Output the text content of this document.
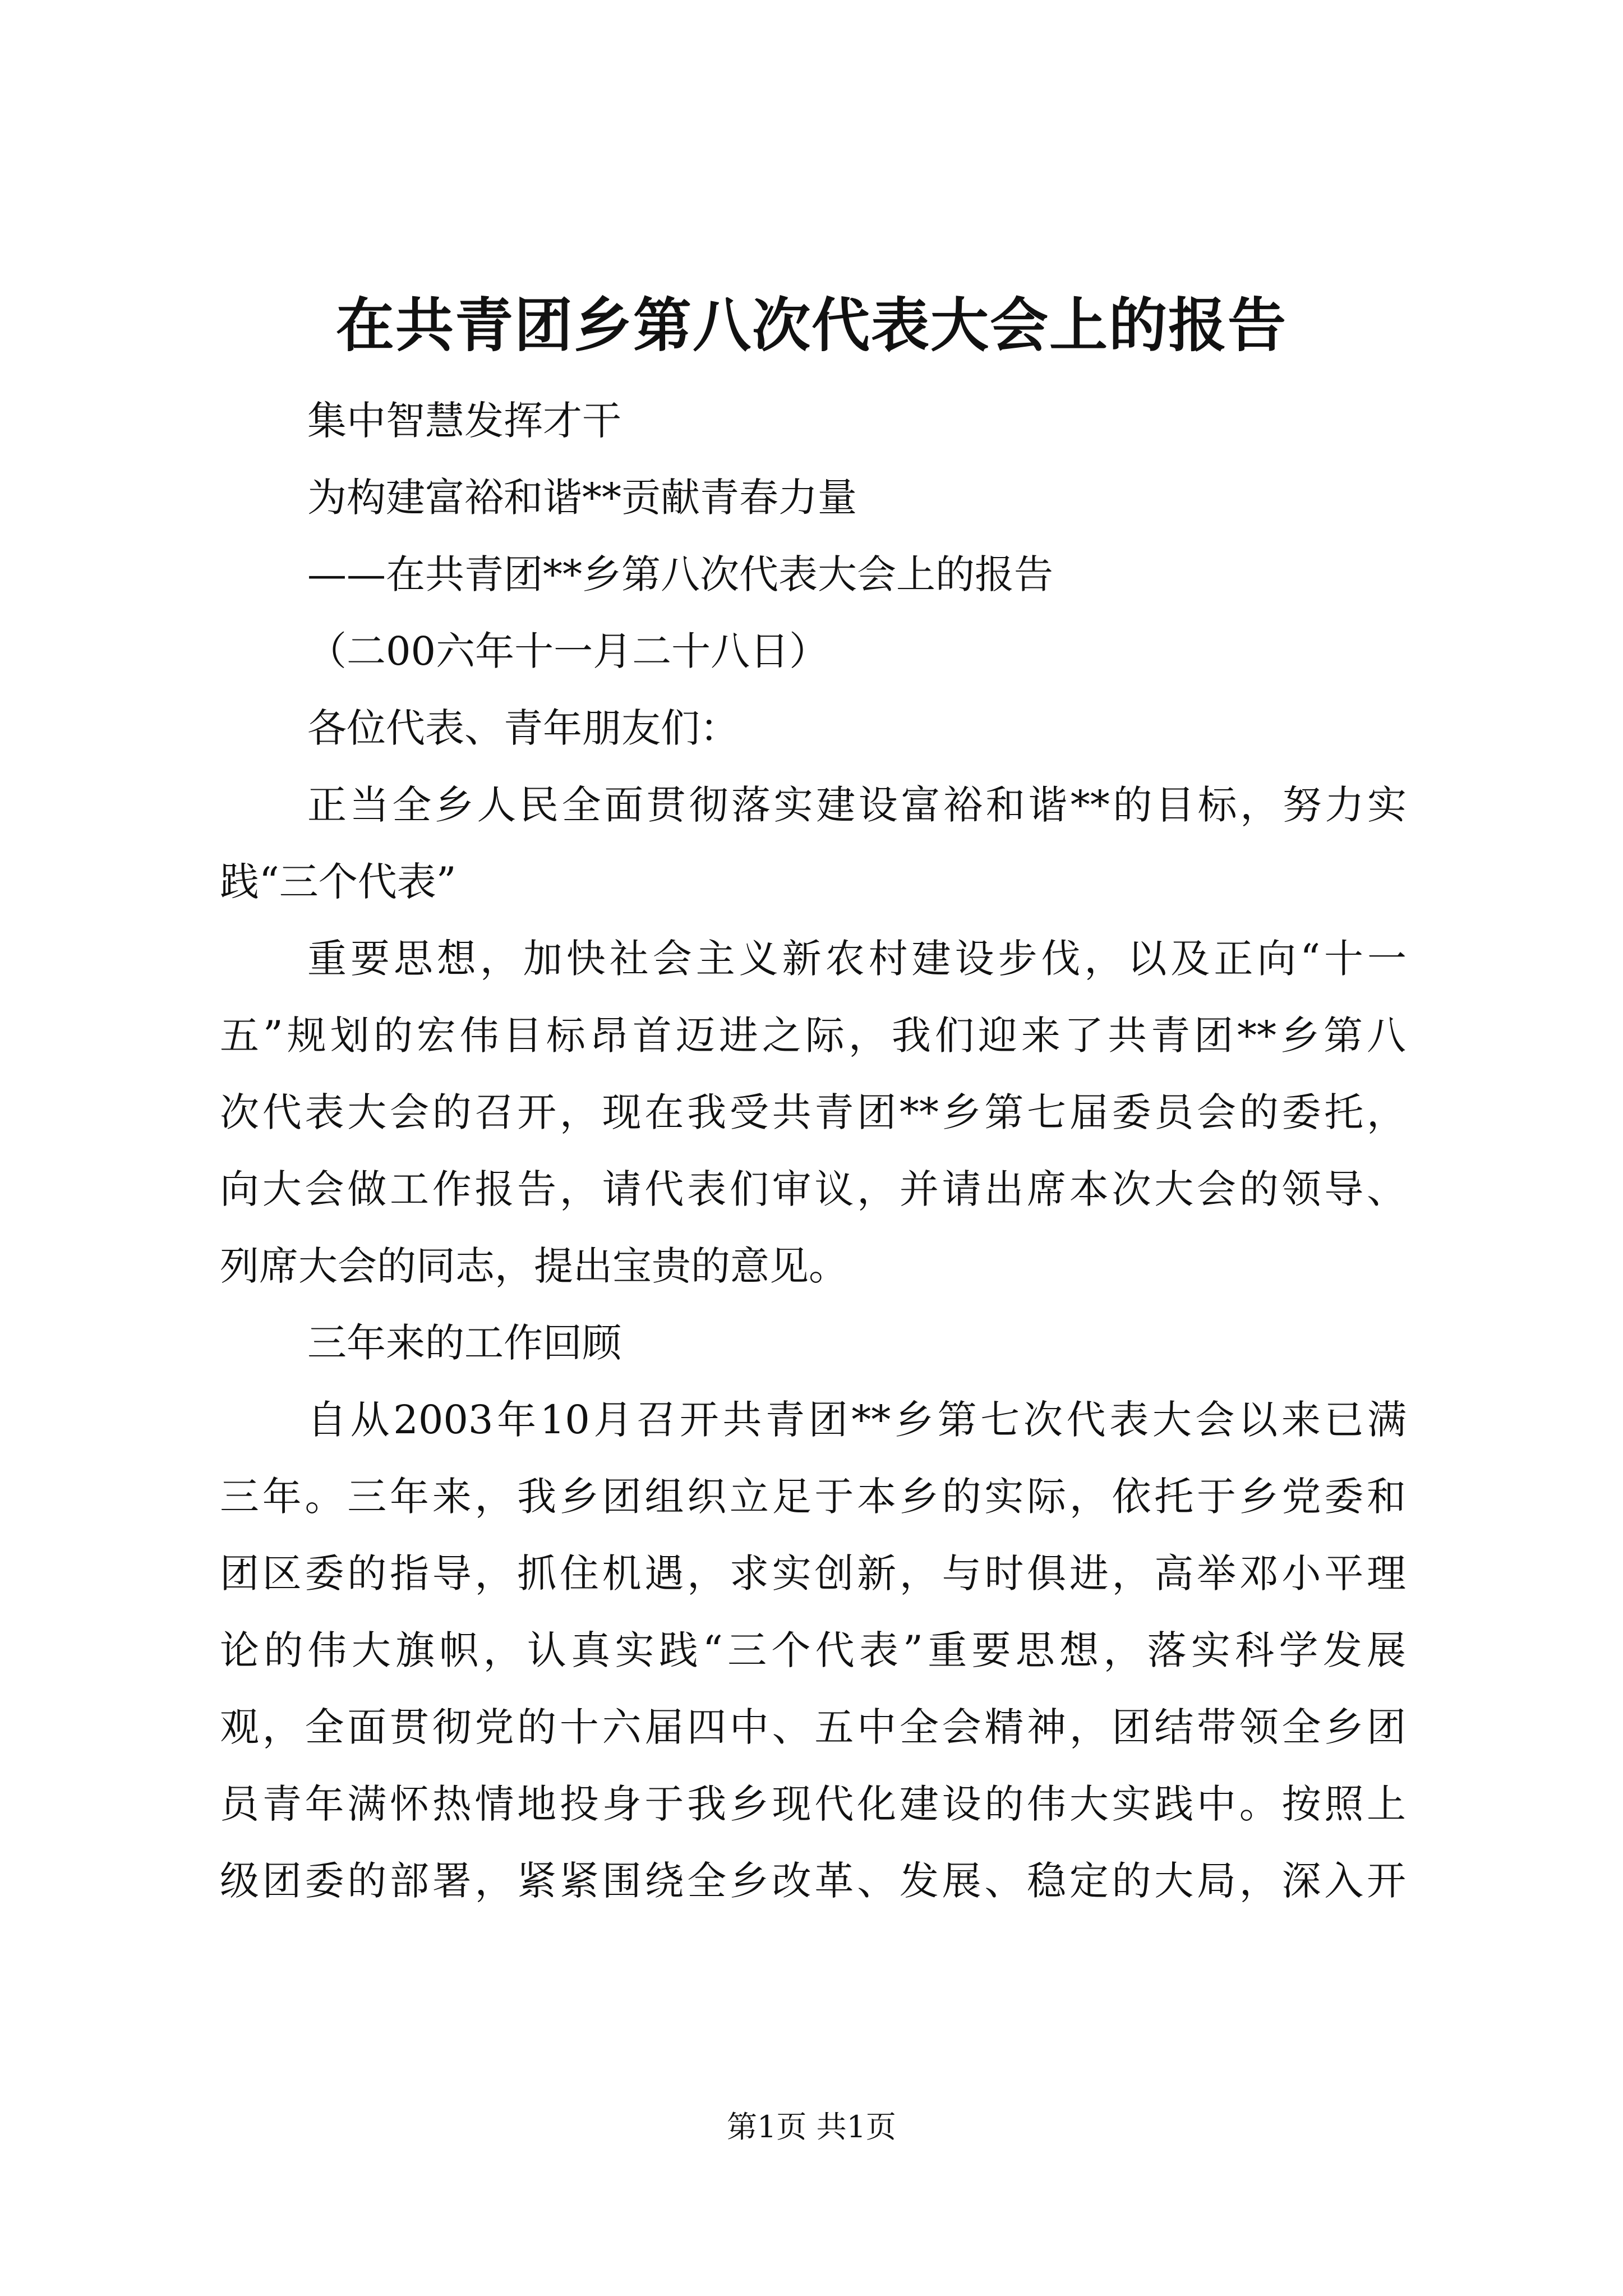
在共青团乡第八次代表大会上的报告
集中智慧发挥才干
为构建富裕和谐**贡献青春力量
——在共青团**乡第八次代表大会上的报告
（二00六年十一月二十八日）
各位代表、青年朋友们：
正当全乡人民全面贯彻落实建设富裕和谐**的目标，努力实
践“三个代表”
重要思想，加快社会主义新农村建设步伐，以及正向“十一
五”规划的宏伟目标昂首迈进之际，我们迎来了共青团**乡第八
次代表大会的召开，现在我受共青团**乡第七届委员会的委托，
向大会做工作报告，请代表们审议，并请出席本次大会的领导、
列席大会的同志，提出宝贵的意见。
三年来的工作回顾
自从2003年10月召开共青团**乡第七次代表大会以来已满
三年。三年来，我乡团组织立足于本乡的实际，依托于乡党委和
团区委的指导，抓住机遇，求实创新，与时俱进，高举邓小平理
论的伟大旗帜，认真实践“三个代表”重要思想，落实科学发展
观，全面贯彻党的十六届四中、五中全会精神，团结带领全乡团
员青年满怀热情地投身于我乡现代化建设的伟大实践中。按照上
级团委的部署，紧紧围绕全乡改革、发展、稳定的大局，深入开
第1页 共1页
